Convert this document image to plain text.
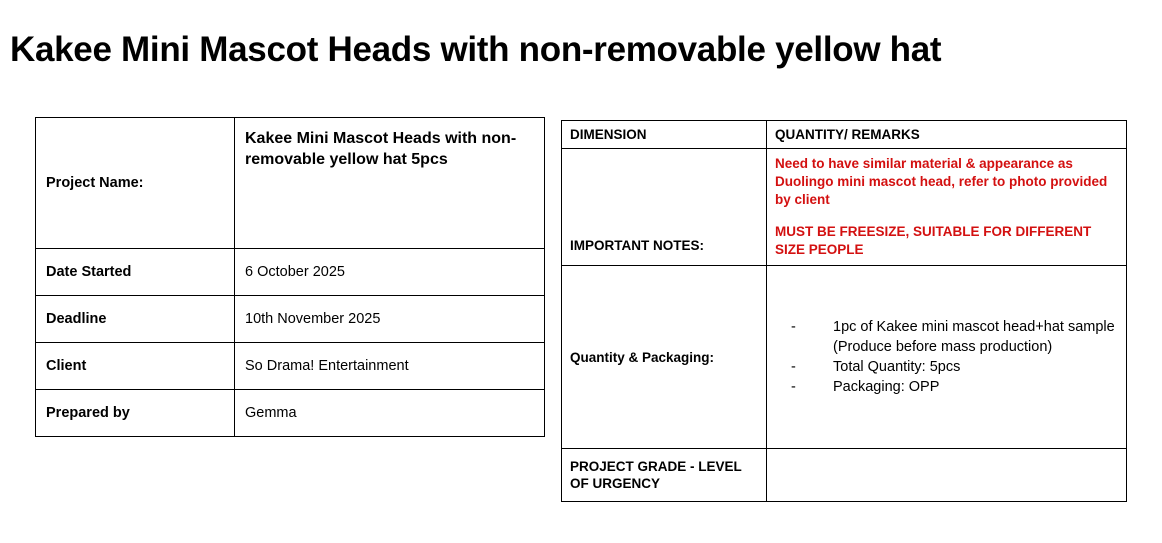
Kakee Mini Mascot Heads with non-removable yellow hat
Project Name:	Kakee Mini Mascot Heads with non-removable yellow hat 5pcs
Date Started	6 October 2025
Deadline	10th November 2025
Client	So Drama! Entertainment
Prepared by	Gemma
DIMENSION	QUANTITY/ REMARKS
IMPORTANT NOTES:	Need to have similar material & appearance as Duolingo mini mascot head, refer to photo provided by client

MUST BE FREESIZE, SUITABLE FOR DIFFERENT SIZE PEOPLE

Quantity & Packaging:	
- 1pc of Kakee mini mascot head+hat sample (Produce before mass production)
- Total Quantity: 5pcs
- Packaging: OPP

PROJECT GRADE - LEVEL OF URGENCY	
